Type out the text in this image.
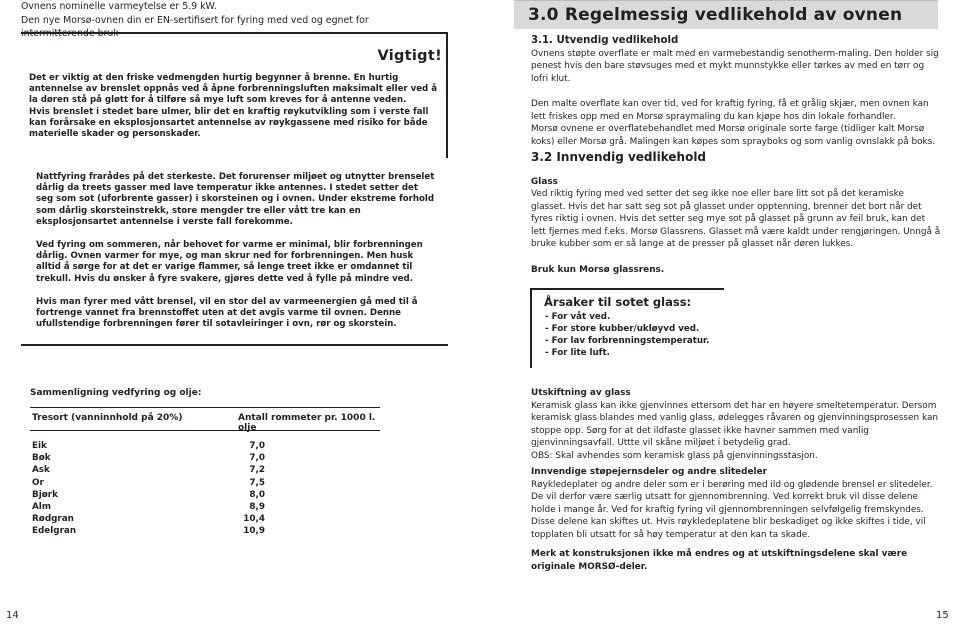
Ovnens nominelle varmeytelse er 5.9 kW.

Den nye Morsø-ovnen din er EN-sertifisert for fyring med ved og egnet for intermitterende bruk

Vigtigt!

Det er viktig at den friske vedmengden hurtig begynner å brenne. En hurtig antennelse av brenslet oppnås ved å åpne forbrenningsluften maksimalt eller ved å la døren stå på gløtt for å tilføre så mye luft som kreves for å antenne veden.

Hvis brenslet i stedet bare ulmer, blir det en kraftig røykutvikling som i verste fall kan forårsake en eksplosjonsartet antennelse av røykgassene med risiko for både materielle skader og personskader.

Nattfyring frarådes på det sterkeste. Det forurenser miljøet og utnytter brenselet dårlig da treets gasser med lave temperatur ikke antennes. I stedet setter det seg som sot (uforbrente gasser) i skorsteinen og i ovnen. Under ekstreme forhold som dårlig skorsteinstrekk, store mengder tre eller vått tre kan en eksplosjonsartet antennelse i verste fall forekomme.

Ved fyring om sommeren, når behovet for varme er minimal, blir forbrenningen dårlig. Ovnen varmer for mye, og man skrur ned for forbrenningen. Men husk alltid å sørge for at det er varige flammer, så lenge treet ikke er omdannet til trekull. Hvis du ønsker å fyre svakere, gjøres dette ved å fylle på mindre ved.

Hvis man fyrer med vått brensel, vil en stor del av varmeenergien gå med til å fortrenge vannet fra brennstoffet uten at det avgis varme til ovnen. Denne ufullstendige forbrenningen fører til sotavleiringer i ovn, rør og skorstein.

Sammenligning vedfyring og olje:
Tresort (vanninnhold på 20%)	Antall rommeter pr. 1000 l. olje
Eik	7,0
Bøk	7,0
Ask	7,2
Or	7,5
Bjørk	8,0
Alm	8,9
Rødgran	10,4
Edelgran	10,9
14
3.0 Regelmessig vedlikehold av ovnen

3.1. Utvendig vedlikehold

Ovnens støpte overflate er malt med en varmebestandig senotherm-maling. Den holder sig penest hvis den bare støvsuges med et mykt munnstykke eller tørkes av med en tørr og lofri klut.

Den malte overflate kan over tid, ved for kraftig fyring, få et grålig skjær, men ovnen kan lett friskes opp med en Morsø spraymaling du kan kjøpe hos din lokale forhandler.

Morsø ovnene er overflatebehandlet med Morsø originale sorte farge (tidliger kalt Morsø koks) eller Morsø grå. Malingen kan køpes som sprayboks og som vanlig ovnslakk på boks.

3.2 Innvendig vedlikehold

Glass

Ved riktig fyring med ved setter det seg ikke noe eller bare litt sot på det keramiske glasset. Hvis det har satt seg sot på glasset under opptenning, brenner det bort når det fyres riktig i ovnen. Hvis det setter seg mye sot på glasset på grunn av feil bruk, kan det lett fjernes med f.eks. Morsø Glassrens. Glasset må være kaldt under rengjøringen. Unngå å bruke kubber som er så lange at de presser på glasset når døren lukkes.

Bruk kun Morsø glassrens.

Årsaker til sotet glass:
- For våt ved.
- For store kubber/ukløyvd ved.
- For lav forbrenningstemperatur.
- For lite luft.

Utskiftning av glass

Keramisk glass kan ikke gjenvinnes ettersom det har en høyere smeltetemperatur. Dersom keramisk glass blandes med vanlig glass, ødelegges råvaren og gjenvinningsprosessen kan stoppe opp. Sørg for at det ildfaste glasset ikke havner sammen med vanlig gjenvinningsavfall. Uttte vil skåne miljøet i betydelig grad.

OBS: Skal avhendes som keramisk glass på gjenvinningsstasjon.

Innvendige støpejernsdeler og andre slitedeler

Røykledeplater og andre deler som er i berøring med ild og glødende brensel er slitedeler. De vil derfor være særlig utsatt for gjennombrenning. Ved korrekt bruk vil disse delene holde i mange år. Ved for kraftig fyring vil gjennombrenningen selvfølgelig fremskyndes. Disse delene kan skiftes ut. Hvis røykledeplatene blir beskadiget og ikke skiftes i tide, vil topplaten bli utsatt for så høy temperatur at den kan ta skade.

Merk at konstruksjonen ikke må endres og at utskiftningsdelene skal være originale MORSØ-deler.
15
